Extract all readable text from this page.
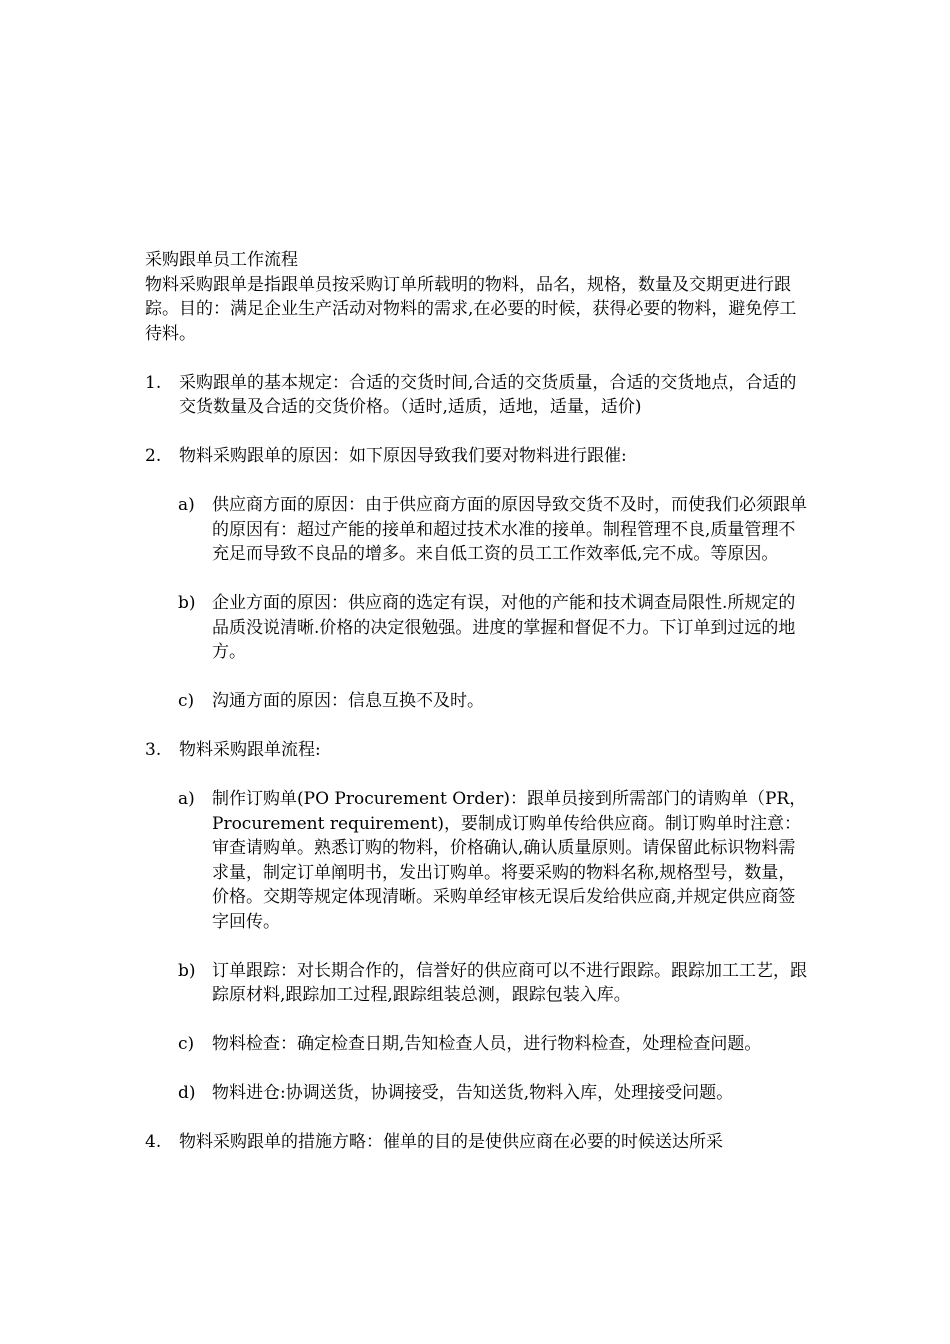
采购跟单员工作流程

物料采购跟单是指跟单员按采购订单所载明的物料，品名，规格，数量及交期更进行跟踪。目的：满足企业生产活动对物料的需求,在必要的时候，获得必要的物料，避免停工待料。

1. 采购跟单的基本规定：合适的交货时间,合适的交货质量，合适的交货地点，合适的交货数量及合适的交货价格。（适时,适质，适地，适量，适价)

2. 物料采购跟单的原因：如下原因导致我们要对物料进行跟催:

a) 供应商方面的原因：由于供应商方面的原因导致交货不及时，而使我们必须跟单的原因有：超过产能的接单和超过技术水准的接单。制程管理不良,质量管理不充足而导致不良品的增多。来自低工资的员工工作效率低,完不成。等原因。

b) 企业方面的原因：供应商的选定有误，对他的产能和技术调查局限性.所规定的品质没说清晰.价格的决定很勉强。进度的掌握和督促不力。下订单到过远的地方。

c) 沟通方面的原因：信息互换不及时。

3. 物料采购跟单流程:

a) 制作订购单(PO Procurement Order)：跟单员接到所需部门的请购单（PR， Procurement requirement)，要制成订购单传给供应商。制订购单时注意：审查请购单。熟悉订购的物料，价格确认,确认质量原则。请保留此标识物料需求量，制定订单阐明书，发出订购单。将要采购的物料名称,规格型号，数量，价格。交期等规定体现清晰。采购单经审核无误后发给供应商,并规定供应商签字回传。

b) 订单跟踪：对长期合作的，信誉好的供应商可以不进行跟踪。跟踪加工工艺，跟踪原材料,跟踪加工过程,跟踪组装总测，跟踪包装入库。

c) 物料检查：确定检查日期,告知检查人员，进行物料检查，处理检查问题。

d) 物料进仓:协调送货，协调接受，告知送货,物料入库，处理接受问题。

4. 物料采购跟单的措施方略：催单的目的是使供应商在必要的时候送达所采
